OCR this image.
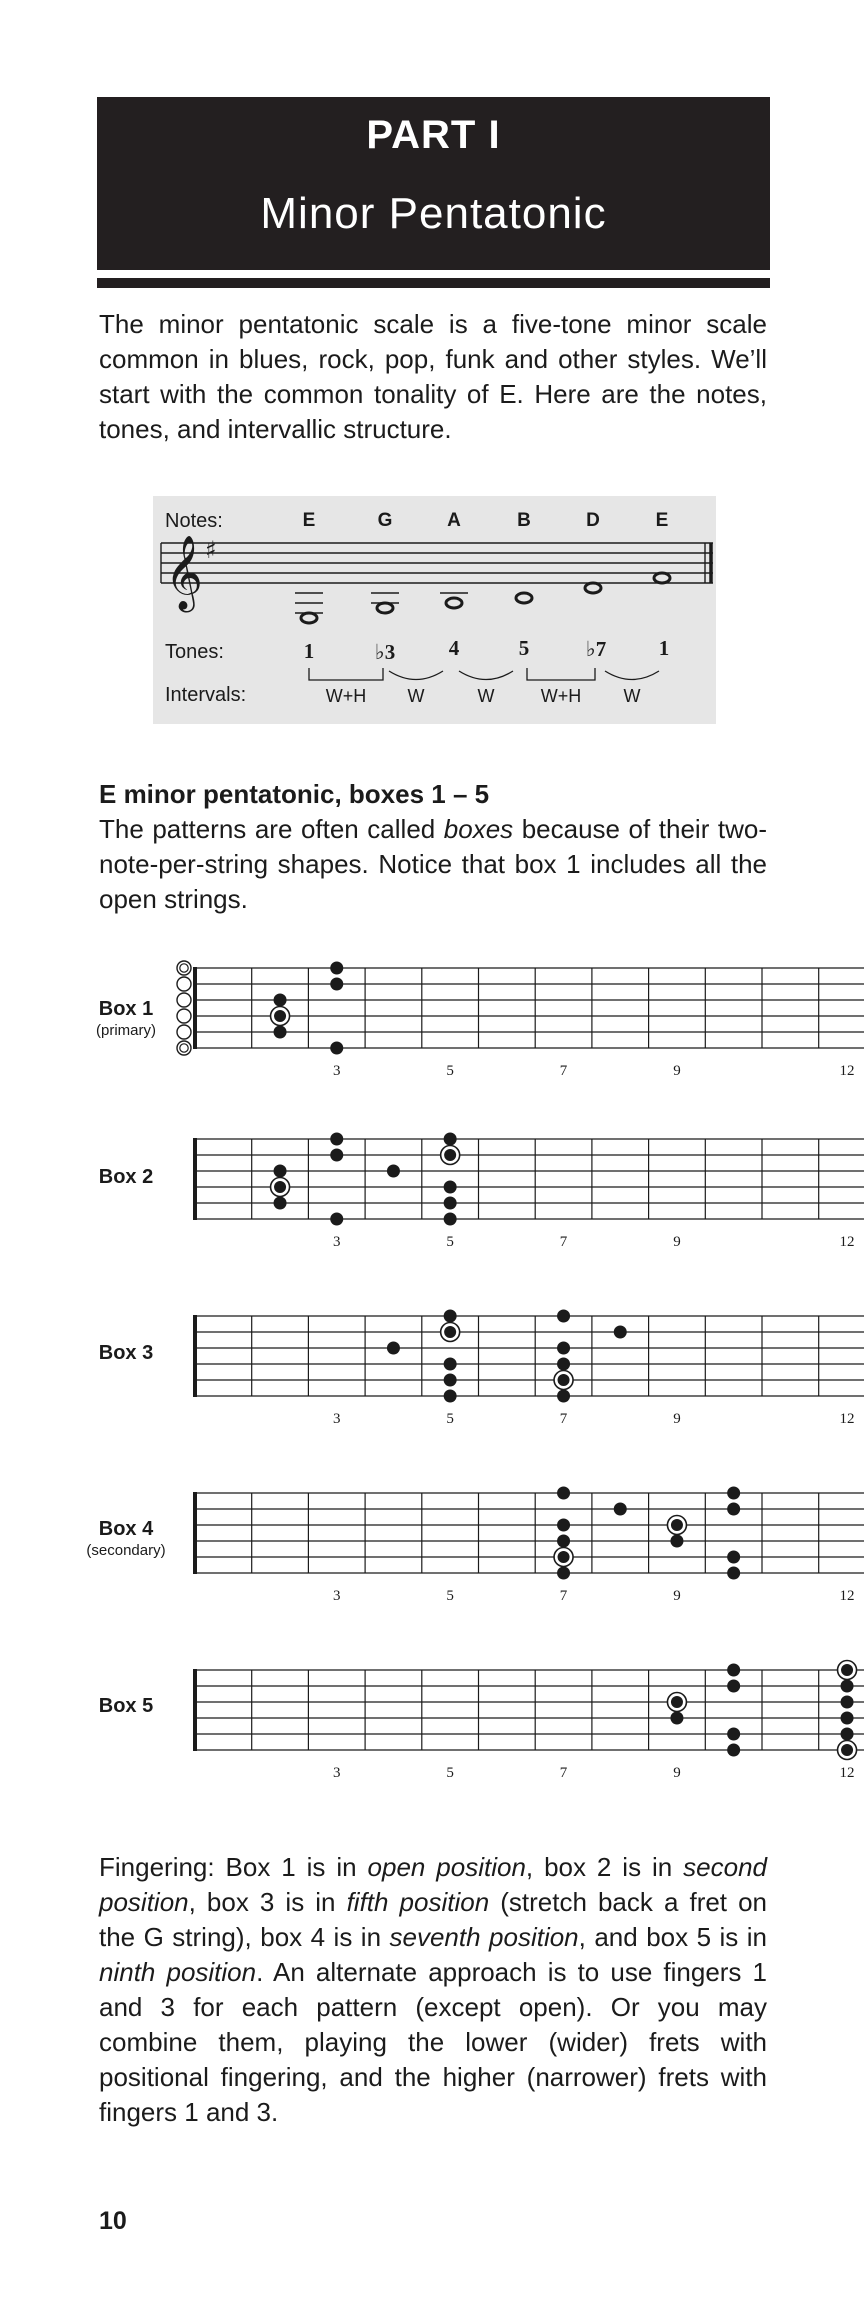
PART I
Minor Pentatonic

The minor pentatonic scale is a five-tone minor scale common in blues, rock, pop, funk and other styles. We’ll start with the common tonality of E. Here are the notes, tones, and intervallic structure.

𝄞 ♯
Notes:	E	G	A	B	D	E
Tones:	1	♭3	4	5	♭7	1
Intervals:	W+H	W	W	W+H	W
E minor pentatonic, boxes 1 – 5

The patterns are often called boxes because of their two-note-per-string shapes. Notice that box 1 includes all the open strings.

Box 1
(primary)
Box 2
Box 3
Box 4
(secondary)
Box 5
3	5	7	9	12
3	5	7	9	12
3	5	7	9	12
3	5	7	9	12
3	5	7	9	12

Fingering: Box 1 is in open position, box 2 is in second position, box 3 is in fifth position (stretch back a fret on the G string), box 4 is in seventh position, and box 5 is in ninth position. An alternate approach is to use fingers 1 and 3 for each pattern (except open). Or you may combine them, playing the lower (wider) frets with positional fingering, and the higher (narrower) frets with fingers 1 and 3.

10
